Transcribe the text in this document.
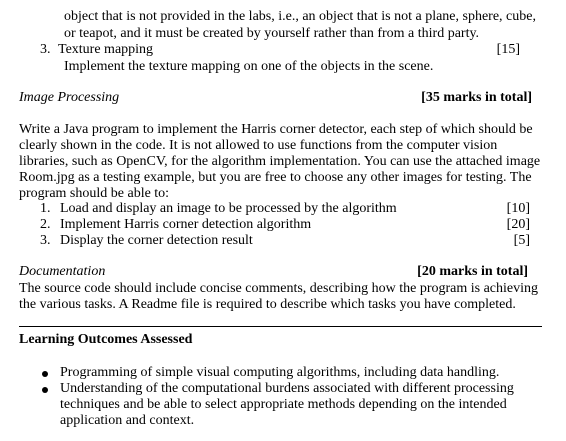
object that is not provided in the labs, i.e., an object that is not a plane, sphere, cube,
or teapot, and it must be created by yourself rather than from a third party.
3. Texture mapping	[15]
Implement the texture mapping on one of the objects in the scene.
Image Processing	[35 marks in total]
Write a Java program to implement the Harris corner detector, each step of which should be
clearly shown in the code. It is not allowed to use functions from the computer vision
libraries, such as OpenCV, for the algorithm implementation. You can use the attached image
Room.jpg as a testing example, but you are free to choose any other images for testing. The
program should be able to:
1. Load and display an image to be processed by the algorithm	[10]
2. Implement Harris corner detection algorithm	[20]
3. Display the corner detection result	[5]
Documentation	[20 marks in total]
The source code should include concise comments, describing how the program is achieving
the various tasks. A Readme file is required to describe which tasks you have completed.
Learning Outcomes Assessed
Programming of simple visual computing algorithms, including data handling.
Understanding of the computational burdens associated with different processing
techniques and be able to select appropriate methods depending on the intended
application and context.
